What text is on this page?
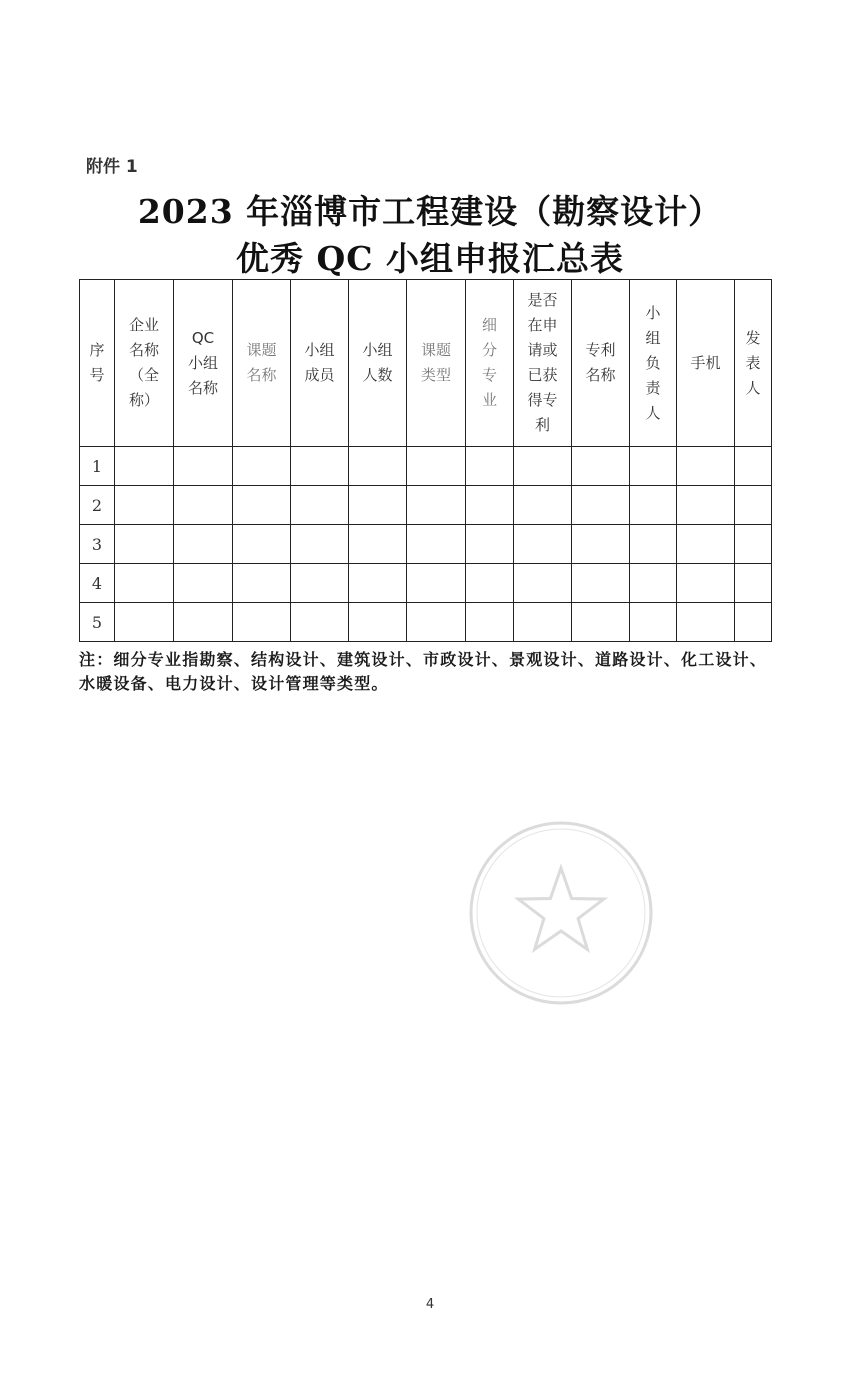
附件 1
2023 年淄博市工程建设（勘察设计）
优秀 QC 小组申报汇总表
序号	企业名称（全称）	QC 小组名称	课题名称	小组成员	小组人数	课题类型	细分专业	是否在申请或已获得专利	专利名称	小组负责人	手机	发表人
1												
2												
3												
4												
5												
注：细分专业指勘察、结构设计、建筑设计、市政设计、景观设计、道路设计、化工设计、水暖设备、电力设计、设计管理等类型。
4
